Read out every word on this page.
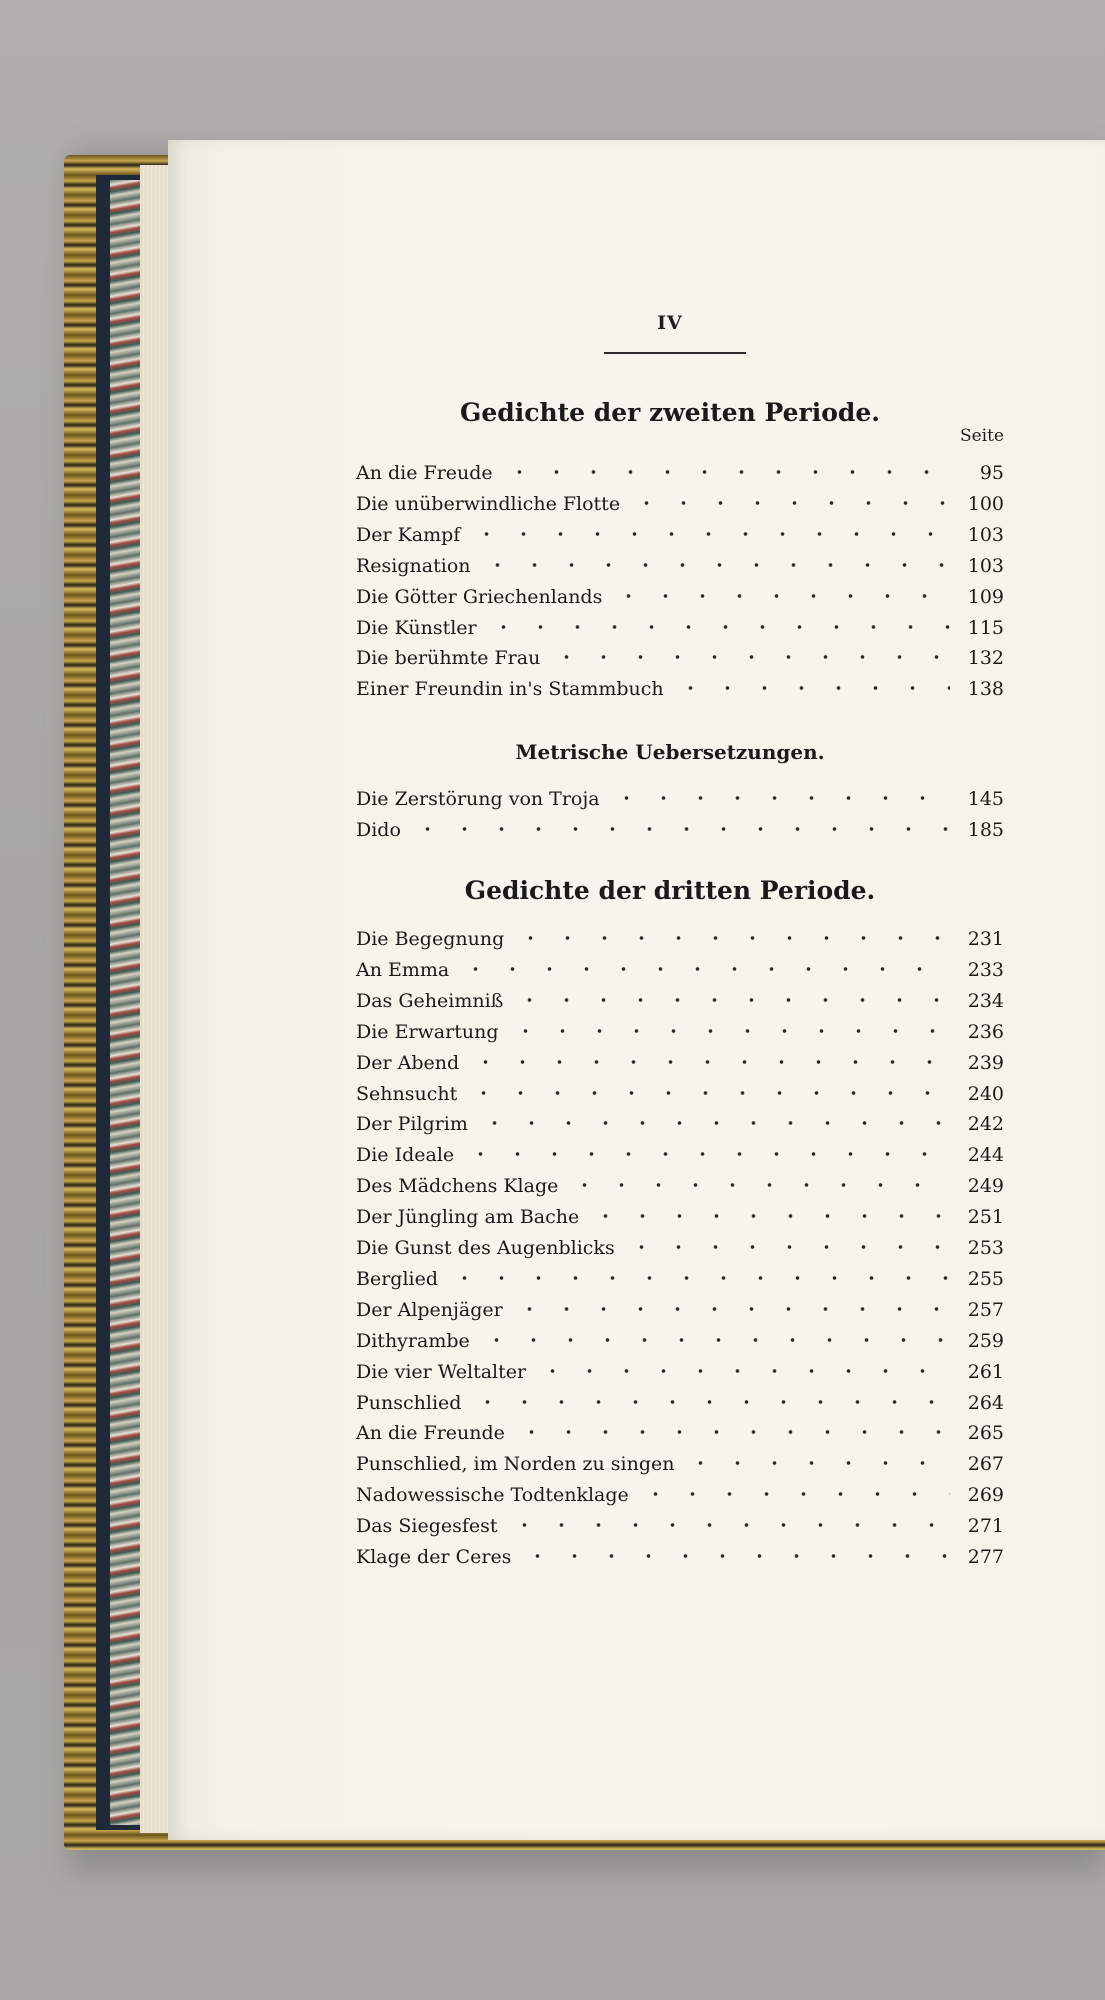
IV
Gedichte der zweiten Periode.
Seite
An die Freude	95
Die unüberwindliche Flotte	100
Der Kampf	103
Resignation	103
Die Götter Griechenlands	109
Die Künstler	115
Die berühmte Frau	132
Einer Freundin in's Stammbuch	138
Metrische Uebersetzungen.
Die Zerstörung von Troja	145
Dido	185
Gedichte der dritten Periode.
Die Begegnung	231
An Emma	233
Das Geheimniß	234
Die Erwartung	236
Der Abend	239
Sehnsucht	240
Der Pilgrim	242
Die Ideale	244
Des Mädchens Klage	249
Der Jüngling am Bache	251
Die Gunst des Augenblicks	253
Berglied	255
Der Alpenjäger	257
Dithyrambe	259
Die vier Weltalter	261
Punschlied	264
An die Freunde	265
Punschlied, im Norden zu singen	267
Nadowessische Todtenklage	269
Das Siegesfest	271
Klage der Ceres	277
